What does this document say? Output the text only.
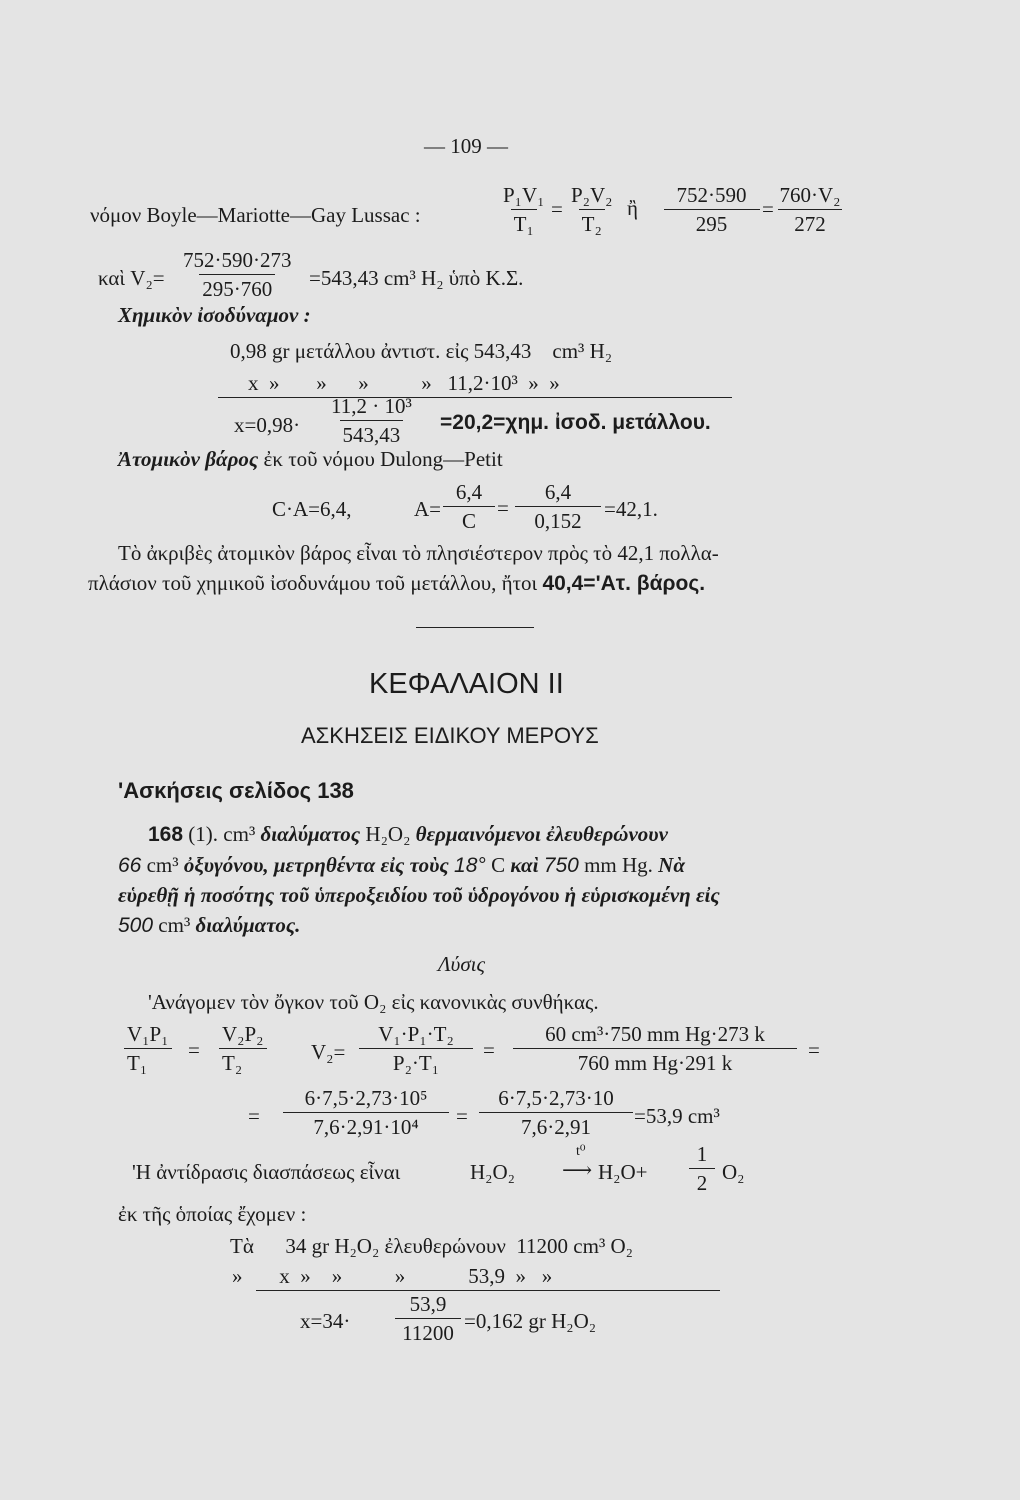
— 109 —
νόμον Boyle—Mariotte—Gay Lussac :	$\frac{\text{P₁V₁}}{\text{T₁}} = \frac{\text{P₂V₂}}{\text{T₂}}$ ἢ $\frac{752\cdot 590}{295} = \frac{\text{760·V₂}}{272}$
καὶ $V_2= \frac{752\cdot 590\cdot 273}{295\cdot 760} =543,43$ cm³ H₂ ὑπὸ Κ.Σ.
Χημικὸν ἰσοδύναμον :
0,98 gr μετάλλου ἀντιστ. εἰς 543,43    cm³ H₂
x  »       »      »          »   11,2·10³  »  »
$x=0,98\cdot \frac{\text{11,2 · 10³}}{543,43} =20,2=\chi\eta\mu$. ἰσοδ. μετάλλου.
Ἀτομικὸν βάρος ἐκ τοῦ νόμου Dulong—Petit
C·A=6,4,	$A= \frac{6,4}{C} = \frac{6,4}{0,152} =42,1$.
Τὸ ἀκριβὲς ἀτομικὸν βάρος εἶναι τὸ πλησιέστερον πρὸς τὸ 42,1 πολλα-
πλάσιον τοῦ χημικοῦ ἰσοδυνάμου τοῦ μετάλλου, ἤτοι 40,4='Ατ. βάρος.
ΚΕΦΑΛΑΙΟΝ II
ΑΣΚΗΣΕΙΣ ΕΙΔΙΚΟΥ ΜΕΡΟΥΣ
'Ασκήσεις σελίδος 138
168 (1). cm³ διαλύματος H₂O₂ θερμαινόμενοι ἐλευθερώνουν
66 cm³ ὀξυγόνου, μετρηθέντα εἰς τοὺς 18° C καὶ 750 mm Hg. Νὰ
εὑρεθῇ ἡ ποσότης τοῦ ὑπεροξειδίου τοῦ ὑδρογόνου ἡ εὑρισκομένη εἰς
500 cm³ διαλύματος.
Λύσις
'Ανάγομεν τὸν ὄγκον τοῦ O₂ εἰς κανονικὰς συνθήκας.
$\frac{\text{V₁P₁}}{\text{T₁}} = \frac{\text{V₂P₂}}{\text{T₂}} V_2= \frac{\text{V₁·P₁·T₂}}{\text{P₂·T₁}} = \frac{\text{60 cm³·750 mm Hg·273 k}}{\text{760 mm Hg·291 k}}$ =
= $\frac{\text{6·7,5·2,73·10⁵}}{\text{7,6·2,91·10⁴}} = \frac{6\cdot 7,5\cdot 2,73\cdot 10}{7,6\cdot 2,91} =53,9$ cm³
'Η ἀντίδρασις διασπάσεως εἶναι	H₂O₂
t⁰
⟶ $H_2O+ \frac{1}{2} O_2$
ἐκ τῆς ὁποίας ἔχομεν :
Τὰ      34 gr H₂O₂ ἐλευθερώνουν  11200 cm³ O₂
»       x  »    »          »            53,9  »   »
$x=34\cdot \frac{53,9}{11200} =0,162$ gr H₂O₂
